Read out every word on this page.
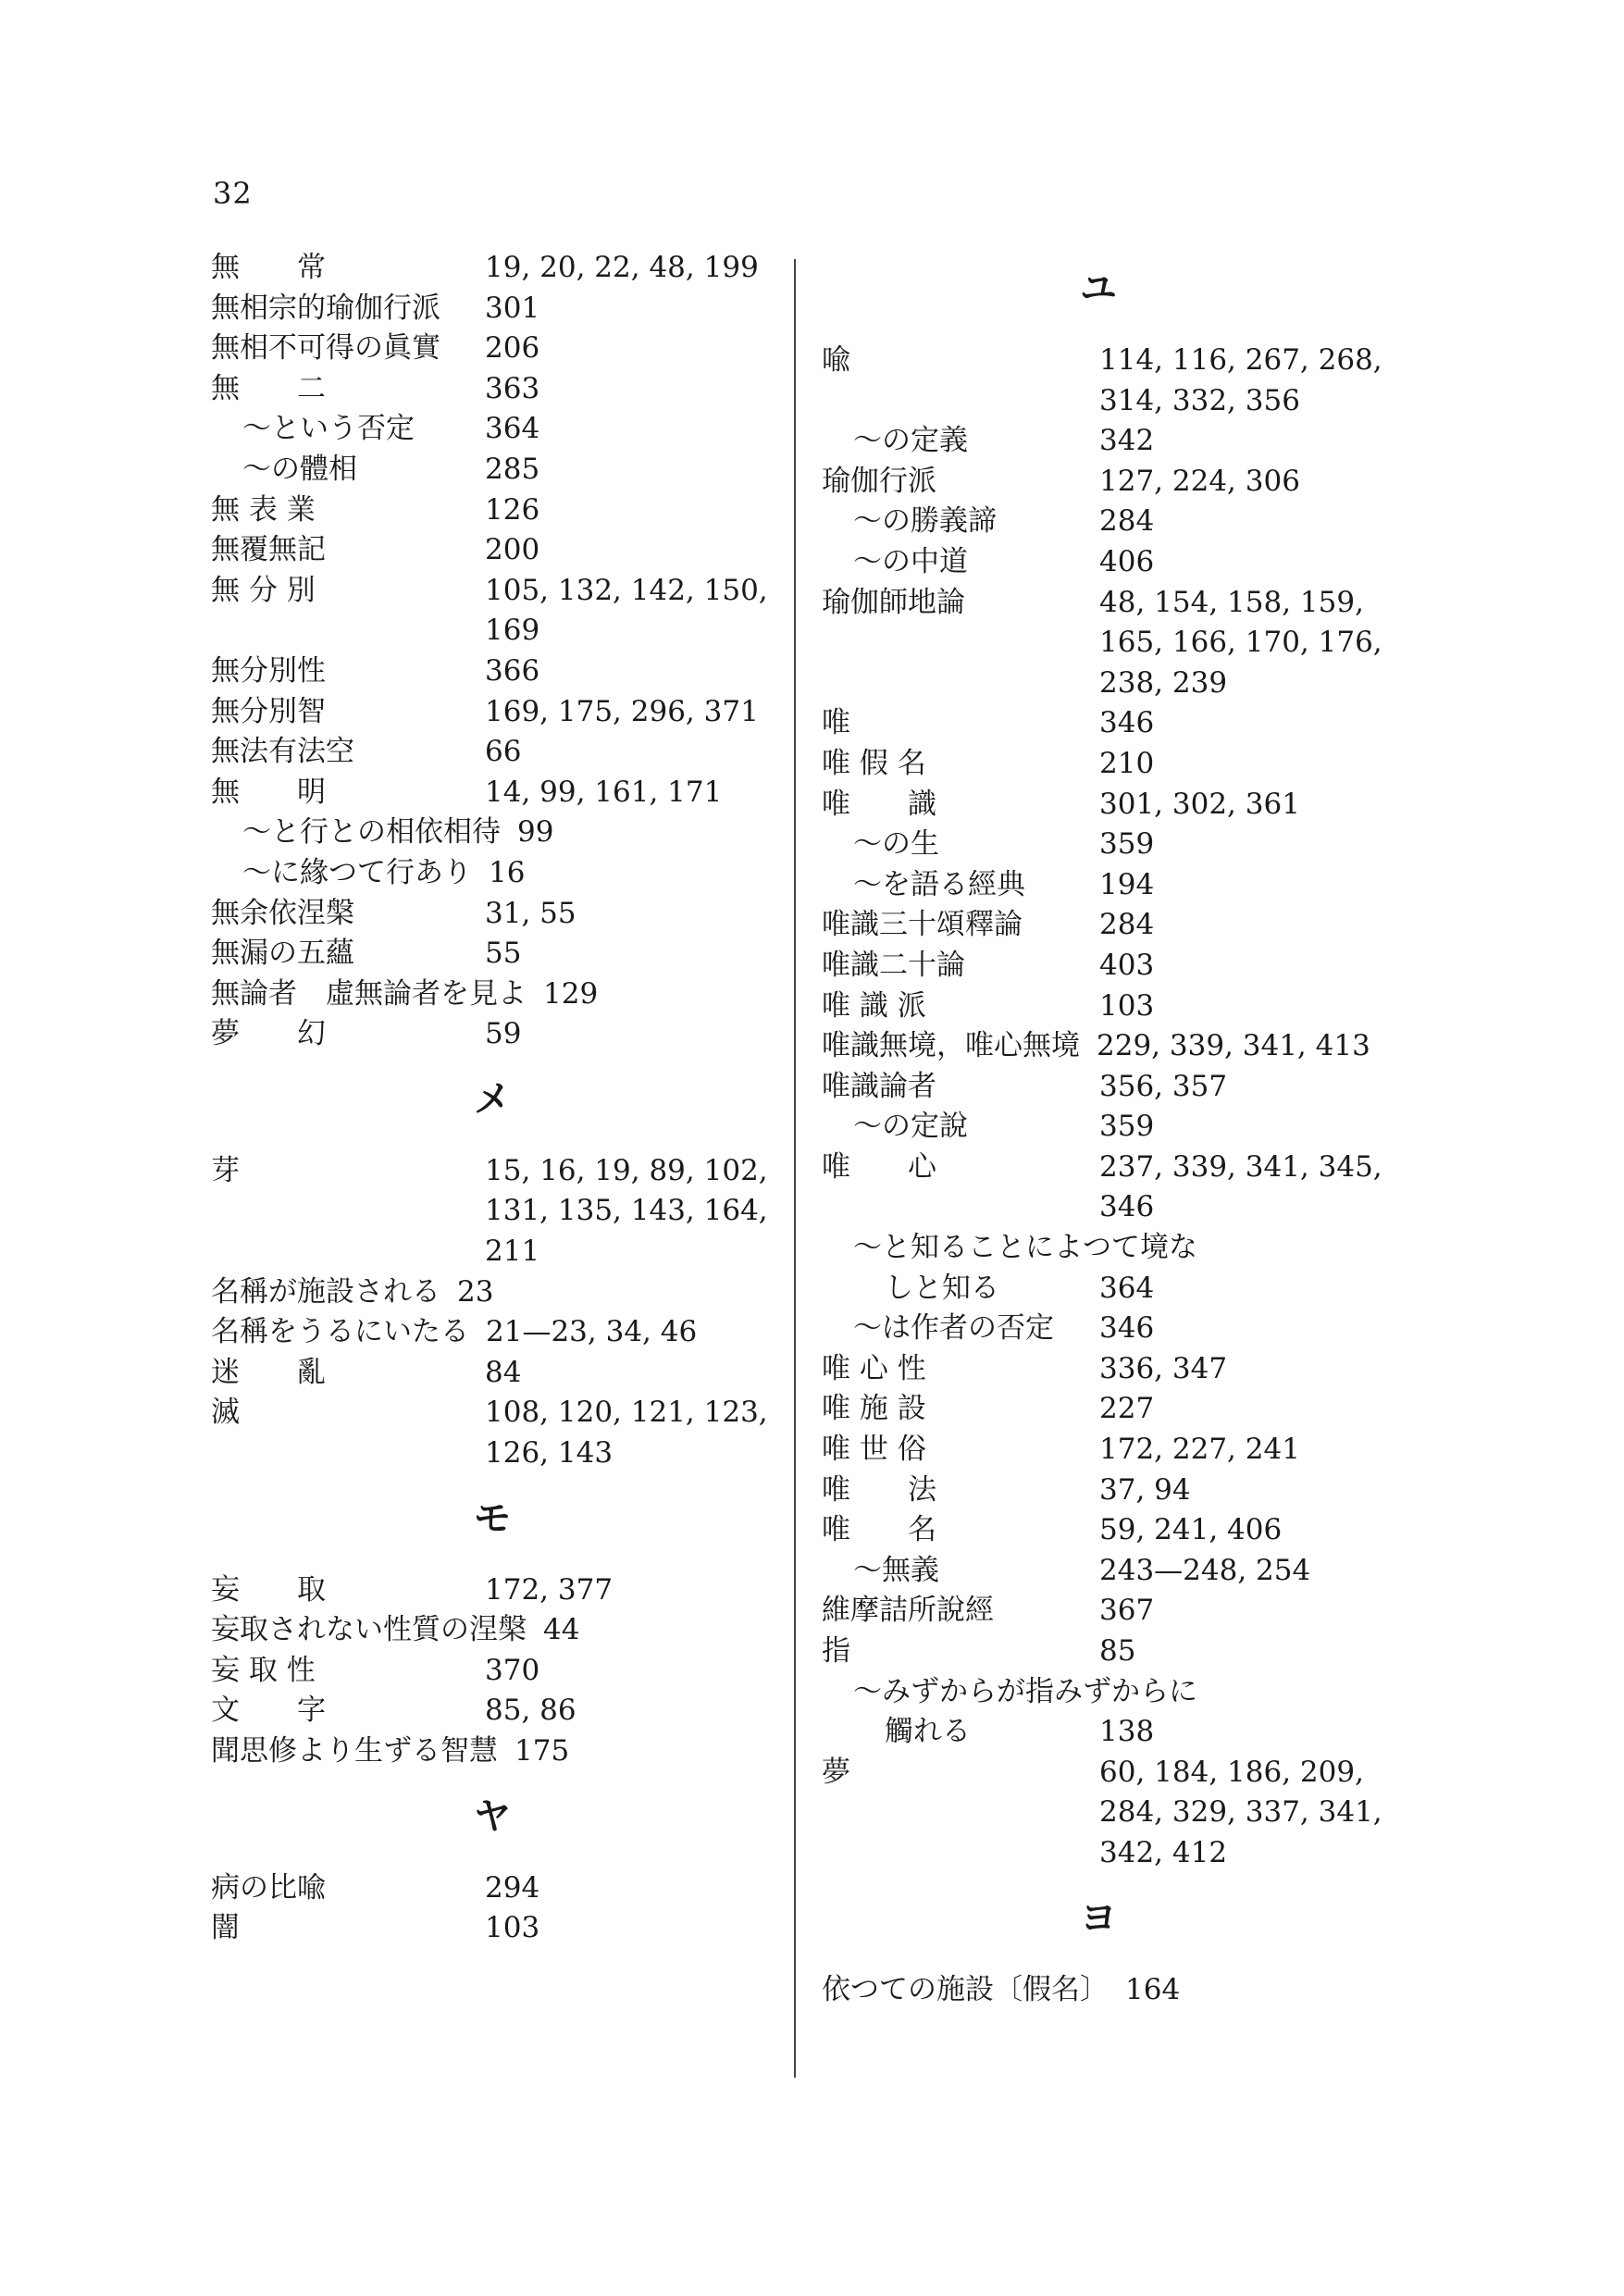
32
無　　常	19, 20, 22, 48, 199
無相宗的瑜伽行派	301
無相不可得の眞實	206
無　　二	363
～という否定	364
～の體相	285
無 表 業	126
無覆無記	200
無 分 別	105, 132, 142, 150, 169
無分別性	366
無分別智	169, 175, 296, 371
無法有法空	66
無　　明	14, 99, 161, 171
～と行との相依相待 99
～に緣つて行あり 16
無余依涅槃	31, 55
無漏の五蘊	55
無論者　虛無論者を見よ 129
夢　　幻	59
メ
芽	15, 16, 19, 89, 102, 131, 135, 143, 164, 211
名稱が施設される 23
名稱をうるにいたる 21—23, 34, 46
迷　　亂	84
滅	108, 120, 121, 123, 126, 143
モ
妄　　取	172, 377
妄取されない性質の涅槃 44
妄 取 性	370
文　　字	85, 86
聞思修より生ずる智慧 175
ヤ
病の比喩	294
闇	103
ユ
喩	114, 116, 267, 268, 314, 332, 356
～の定義	342
瑜伽行派	127, 224, 306
～の勝義諦	284
～の中道	406
瑜伽師地論	48, 154, 158, 159, 165, 166, 170, 176, 238, 239
唯	346
唯 假 名	210
唯　　識	301, 302, 361
～の生	359
～を語る經典	194
唯識三十頌釋論	284
唯識二十論	403
唯 識 派	103
唯識無境，唯心無境 229, 339, 341, 413
唯識論者	356, 357
～の定說	359
唯　　心	237, 339, 341, 345, 346
～と知ることによつて境な
しと知る	364
～は作者の否定	346
唯 心 性	336, 347
唯 施 設	227
唯 世 俗	172, 227, 241
唯　　法	37, 94
唯　　名	59, 241, 406
～無義	243—248, 254
維摩詰所說經	367
指	85
～みずからが指みずからに
觸れる	138
夢	60, 184, 186, 209, 284, 329, 337, 341, 342, 412
ヨ
依つての施設〔假名〕 164
